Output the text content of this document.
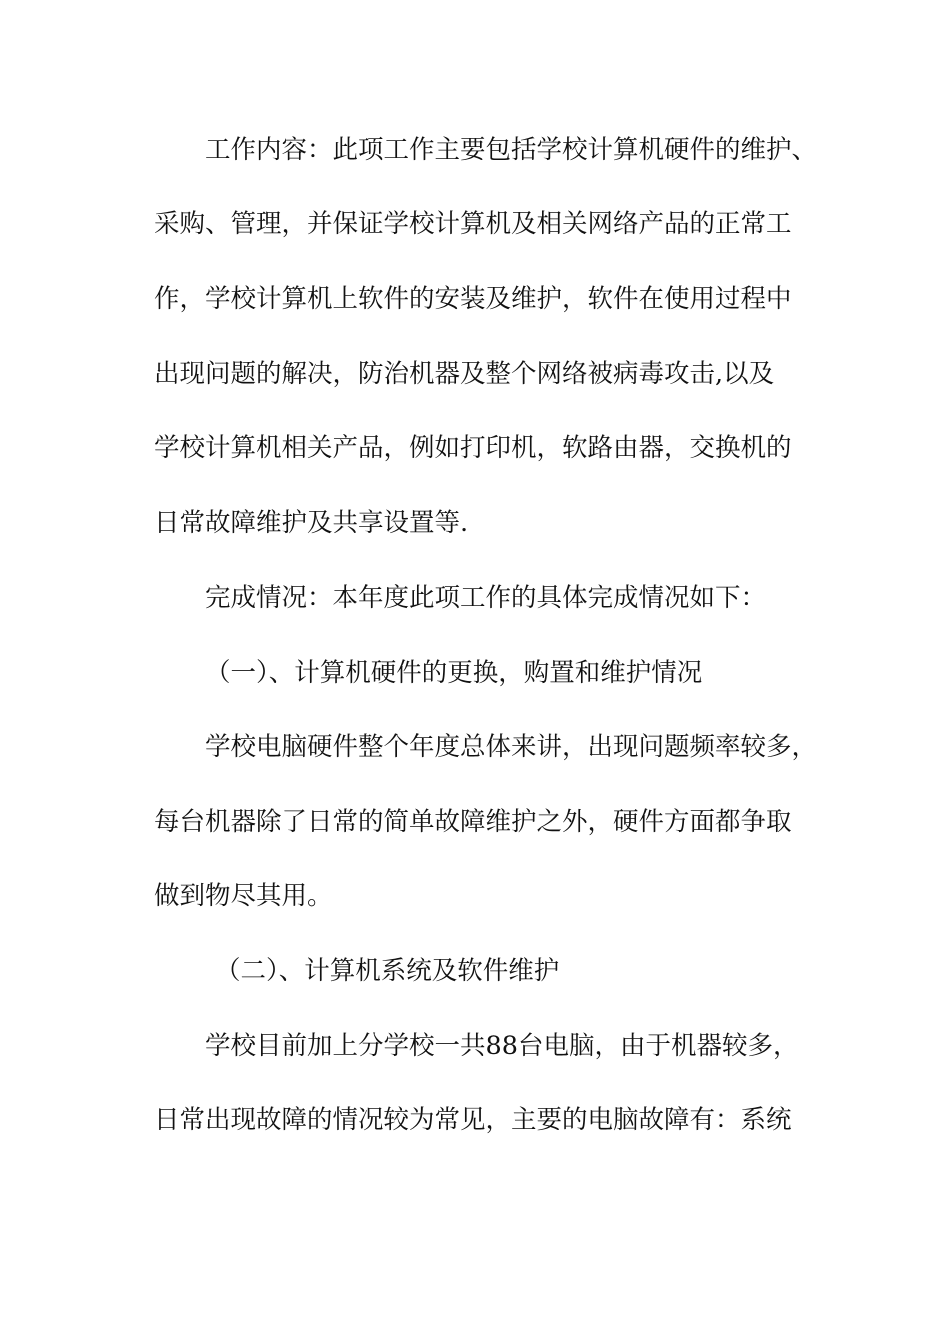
工作内容：此项工作主要包括学校计算机硬件的维护、
采购、管理，并保证学校计算机及相关网络产品的正常工
作，学校计算机上软件的安装及维护，软件在使用过程中
出现问题的解决，防治机器及整个网络被病毒攻击,以及
学校计算机相关产品，例如打印机，软路由器，交换机的
日常故障维护及共享设置等.
完成情况：本年度此项工作的具体完成情况如下：
（一）、计算机硬件的更换，购置和维护情况
学校电脑硬件整个年度总体来讲，出现问题频率较多，
每台机器除了日常的简单故障维护之外，硬件方面都争取
做到物尽其用。
（二）、计算机系统及软件维护
学校目前加上分学校一共88台电脑，由于机器较多，
日常出现故障的情况较为常见，主要的电脑故障有：系统
